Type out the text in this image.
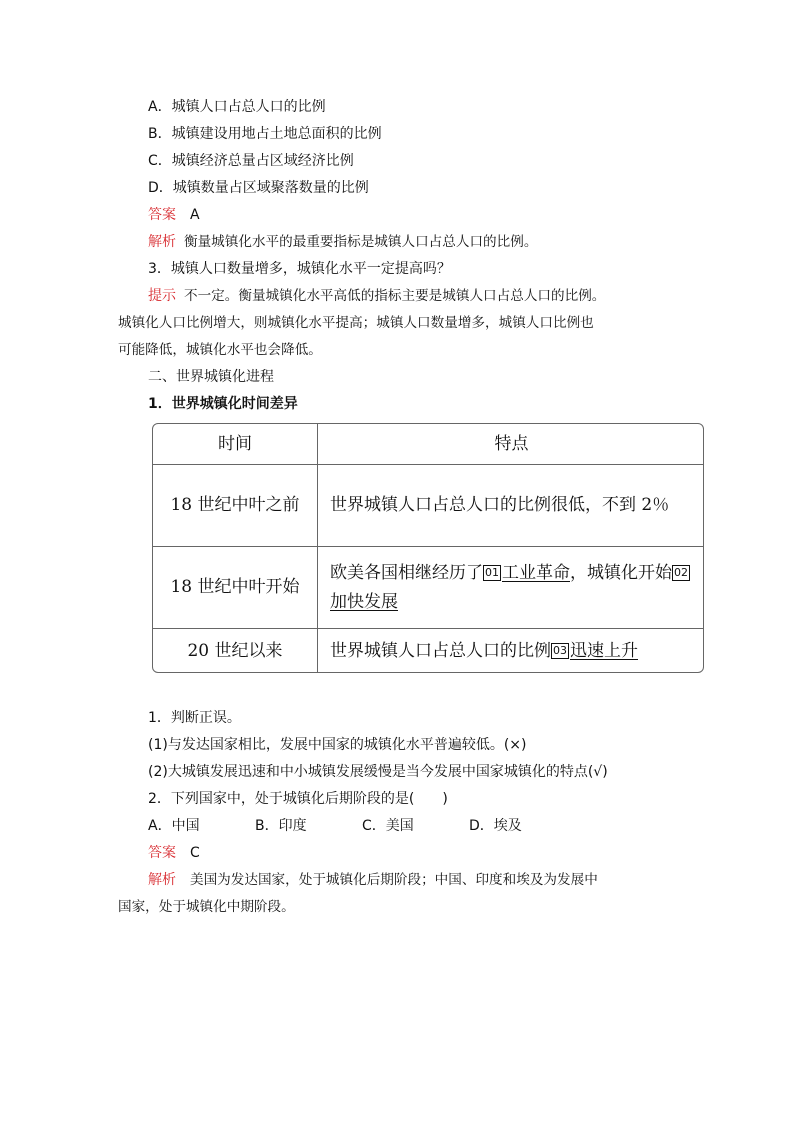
A．城镇人口占总人口的比例
B．城镇建设用地占土地总面积的比例
C．城镇经济总量占区域经济比例
D．城镇数量占区域聚落数量的比例
答案 A
解析 衡量城镇化水平的最重要指标是城镇人口占总人口的比例。
3．城镇人口数量增多，城镇化水平一定提高吗？
提示 不一定。衡量城镇化水平高低的指标主要是城镇人口占总人口的比例。
城镇化人口比例增大，则城镇化水平提高；城镇人口数量增多，城镇人口比例也
可能降低，城镇化水平也会降低。
二、世界城镇化进程
1．世界城镇化时间差异
时间	特点
18 世纪中叶之前	世界城镇人口占总人口的比例很低，不到 2％
18 世纪中叶开始	欧美各国相继经历了 01 工业革命，城镇化开始 02加快发展
20 世纪以来	世界城镇人口占总人口的比例 03 迅速上升
1．判断正误。
(1)与发达国家相比，发展中国家的城镇化水平普遍较低。(×)
(2)大城镇发展迅速和中小城镇发展缓慢是当今发展中国家城镇化的特点(√)
2．下列国家中，处于城镇化后期阶段的是(　　)
A．中国	B．印度	C．美国	D．埃及
答案 C
解析 美国为发达国家，处于城镇化后期阶段；中国、印度和埃及为发展中
国家，处于城镇化中期阶段。
